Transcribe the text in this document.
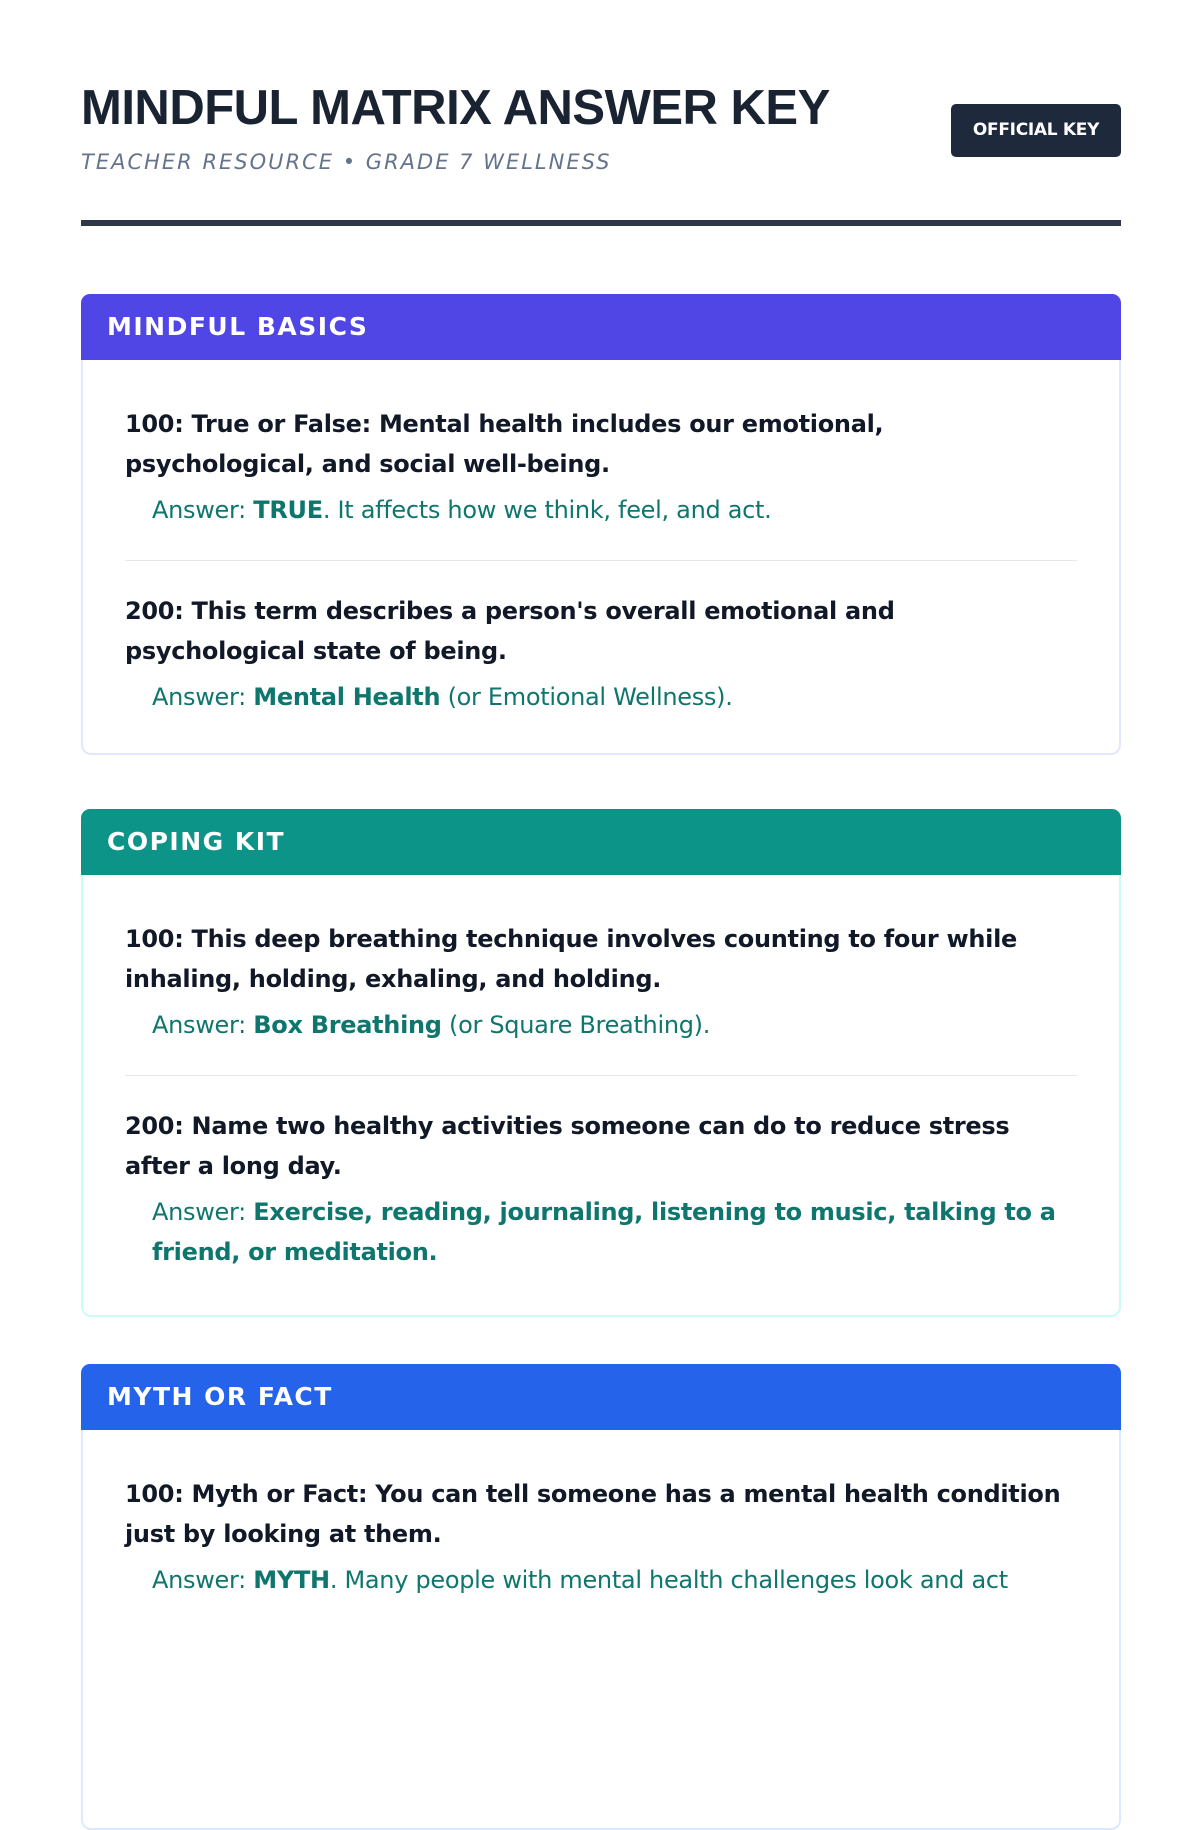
MINDFUL MATRIX ANSWER KEY
TEACHER RESOURCE • GRADE 7 WELLNESS
OFFICIAL KEY
MINDFUL BASICS

100: True or False: Mental health includes our emotional, psychological, and social well-being.

Answer: TRUE. It affects how we think, feel, and act.

200: This term describes a person's overall emotional and psychological state of being.

Answer: Mental Health (or Emotional Wellness).

COPING KIT

100: This deep breathing technique involves counting to four while inhaling, holding, exhaling, and holding.

Answer: Box Breathing (or Square Breathing).

200: Name two healthy activities someone can do to reduce stress after a long day.

Answer: Exercise, reading, journaling, listening to music, talking to a friend, or meditation.

MYTH OR FACT

100: Myth or Fact: You can tell someone has a mental health condition just by looking at them.

Answer: MYTH. Many people with mental health challenges look and act
